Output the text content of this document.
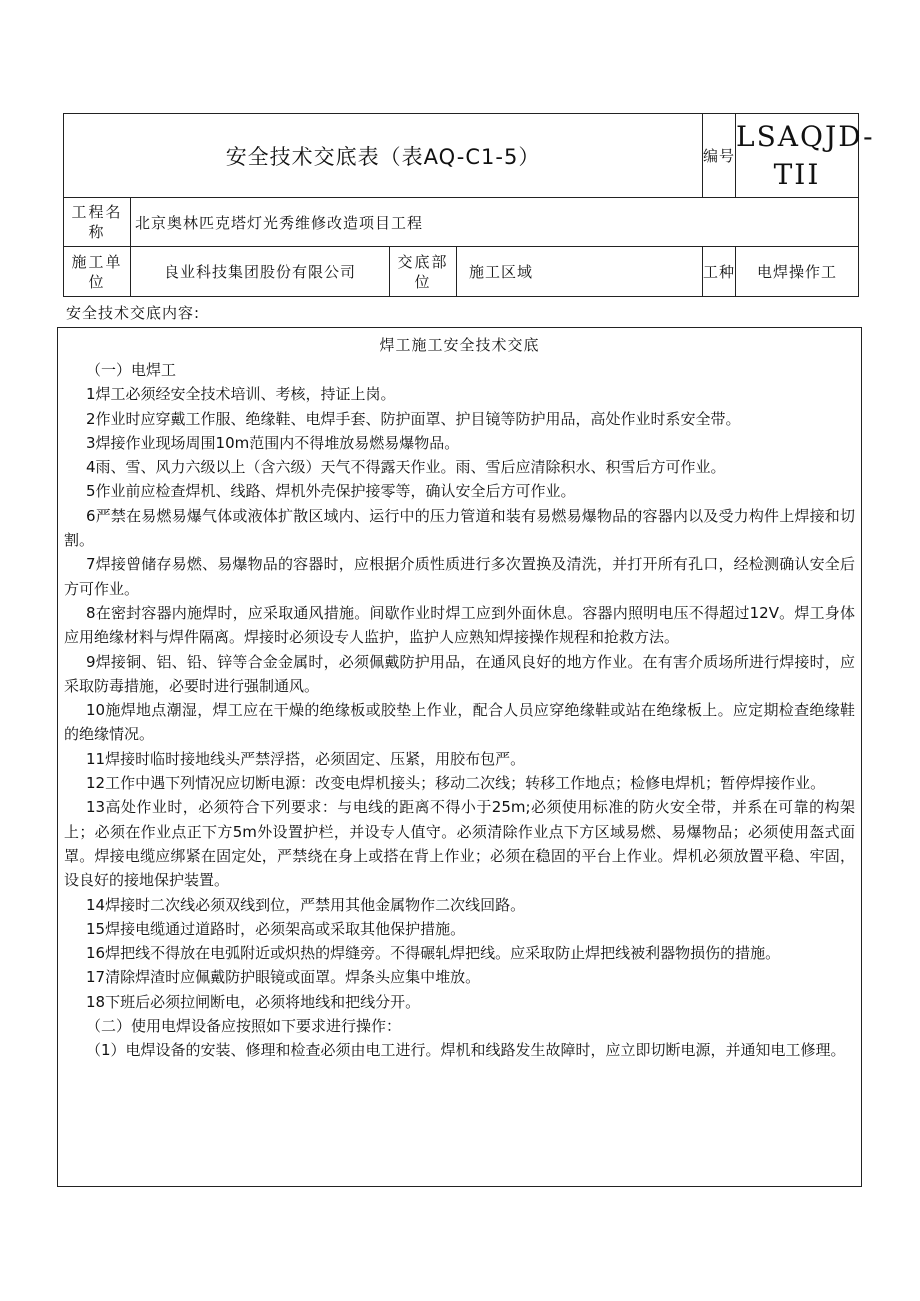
安全技术交底表（表AQ-C1-5）				编号	LSAQJD-TII
工程名称	北京奥林匹克塔灯光秀维修改造项目工程				
施工单位	良业科技集团股份有限公司	交底部位	施工区域	工种	电焊操作工
安全技术交底内容:
焊工施工安全技术交底

（一）电焊工

1焊工必须经安全技术培训、考核，持证上岗。

2作业时应穿戴工作服、绝缘鞋、电焊手套、防护面罩、护目镜等防护用品，高处作业时系安全带。

3焊接作业现场周围10m范围内不得堆放易燃易爆物品。

4雨、雪、风力六级以上（含六级）天气不得露天作业。雨、雪后应清除积水、积雪后方可作业。

5作业前应检查焊机、线路、焊机外壳保护接零等，确认安全后方可作业。

6严禁在易燃易爆气体或液体扩散区域内、运行中的压力管道和装有易燃易爆物品的容器内以及受力构件上焊接和切割。

7焊接曾储存易燃、易爆物品的容器时，应根据介质性质进行多次置换及清洗，并打开所有孔口，经检测确认安全后方可作业。

8在密封容器内施焊时，应采取通风措施。间歇作业时焊工应到外面休息。容器内照明电压不得超过12V。焊工身体应用绝缘材料与焊件隔离。焊接时必须设专人监护，监护人应熟知焊接操作规程和抢救方法。

9焊接铜、铝、铅、锌等合金金属时，必须佩戴防护用品，在通风良好的地方作业。在有害介质场所进行焊接时，应采取防毒措施，必要时进行强制通风。

10施焊地点潮湿，焊工应在干燥的绝缘板或胶垫上作业，配合人员应穿绝缘鞋或站在绝缘板上。应定期检查绝缘鞋的绝缘情况。

11焊接时临时接地线头严禁浮搭，必须固定、压紧，用胶布包严。

12工作中遇下列情况应切断电源：改变电焊机接头；移动二次线；转移工作地点；检修电焊机；暂停焊接作业。

13高处作业时，必须符合下列要求：与电线的距离不得小于25m;必须使用标准的防火安全带，并系在可靠的构架上；必须在作业点正下方5m外设置护栏，并设专人值守。必须清除作业点下方区域易燃、易爆物品；必须使用盔式面罩。焊接电缆应绑紧在固定处，严禁绕在身上或搭在背上作业；必须在稳固的平台上作业。焊机必须放置平稳、牢固，设良好的接地保护装置。

14焊接时二次线必须双线到位，严禁用其他金属物作二次线回路。

15焊接电缆通过道路时，必须架高或采取其他保护措施。

16焊把线不得放在电弧附近或炽热的焊缝旁。不得碾轧焊把线。应采取防止焊把线被利器物损伤的措施。

17清除焊渣时应佩戴防护眼镜或面罩。焊条头应集中堆放。

18下班后必须拉闸断电，必须将地线和把线分开。

（二）使用电焊设备应按照如下要求进行操作：

（1）电焊设备的安装、修理和检查必须由电工进行。焊机和线路发生故障时，应立即切断电源，并通知电工修理。
